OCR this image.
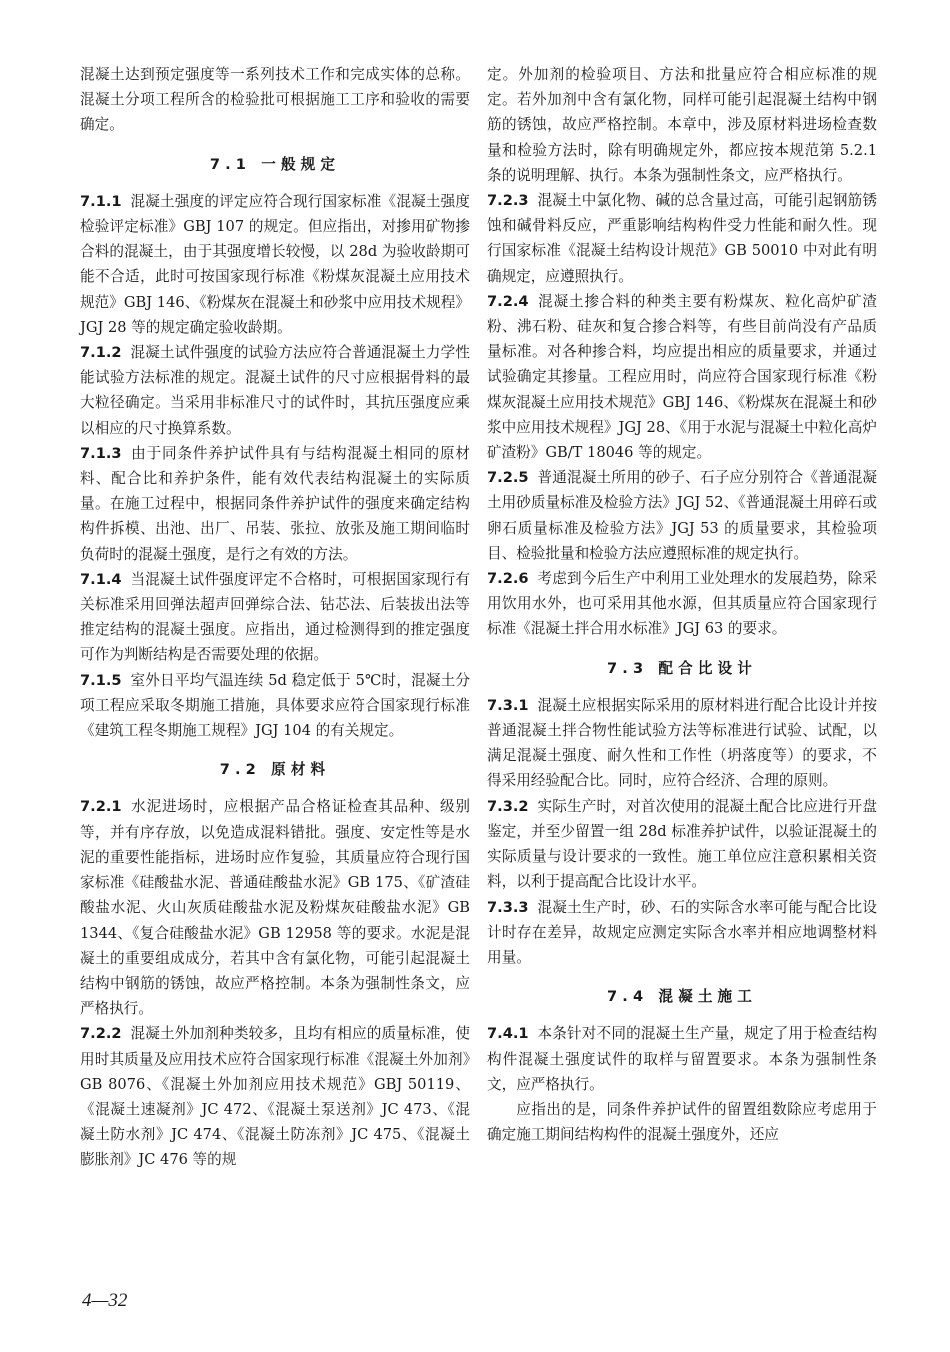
混凝土达到预定强度等一系列技术工作和完成实体的总称。混凝土分项工程所含的检验批可根据施工工序和验收的需要确定。

7.1 一般规定

7.1.1 混凝土强度的评定应符合现行国家标准《混凝土强度检验评定标准》GBJ 107 的规定。但应指出，对掺用矿物掺合料的混凝土，由于其强度增长较慢，以 28d 为验收龄期可能不合适，此时可按国家现行标准《粉煤灰混凝土应用技术规范》GBJ 146、《粉煤灰在混凝土和砂浆中应用技术规程》JGJ 28 等的规定确定验收龄期。

7.1.2 混凝土试件强度的试验方法应符合普通混凝土力学性能试验方法标准的规定。混凝土试件的尺寸应根据骨料的最大粒径确定。当采用非标准尺寸的试件时，其抗压强度应乘以相应的尺寸换算系数。

7.1.3 由于同条件养护试件具有与结构混凝土相同的原材料、配合比和养护条件，能有效代表结构混凝土的实际质量。在施工过程中，根据同条件养护试件的强度来确定结构构件拆模、出池、出厂、吊装、张拉、放张及施工期间临时负荷时的混凝土强度，是行之有效的方法。

7.1.4 当混凝土试件强度评定不合格时，可根据国家现行有关标准采用回弹法超声回弹综合法、钻芯法、后装拔出法等推定结构的混凝土强度。应指出，通过检测得到的推定强度可作为判断结构是否需要处理的依据。

7.1.5 室外日平均气温连续 5d 稳定低于 5℃时，混凝土分项工程应采取冬期施工措施，具体要求应符合国家现行标准《建筑工程冬期施工规程》JGJ 104 的有关规定。

7.2 原材料

7.2.1 水泥进场时，应根据产品合格证检查其品种、级别等，并有序存放，以免造成混料错批。强度、安定性等是水泥的重要性能指标，进场时应作复验，其质量应符合现行国家标准《硅酸盐水泥、普通硅酸盐水泥》GB 175、《矿渣硅酸盐水泥、火山灰质硅酸盐水泥及粉煤灰硅酸盐水泥》GB 1344、《复合硅酸盐水泥》GB 12958 等的要求。水泥是混凝土的重要组成成分，若其中含有氯化物，可能引起混凝土结构中钢筋的锈蚀，故应严格控制。本条为强制性条文，应严格执行。

7.2.2 混凝土外加剂种类较多，且均有相应的质量标准，使用时其质量及应用技术应符合国家现行标准《混凝土外加剂》GB 8076、《混凝土外加剂应用技术规范》GBJ 50119、《混凝土速凝剂》JC 472、《混凝土泵送剂》JC 473、《混凝土防水剂》JC 474、《混凝土防冻剂》JC 475、《混凝土膨胀剂》JC 476 等的规

定。外加剂的检验项目、方法和批量应符合相应标准的规定。若外加剂中含有氯化物，同样可能引起混凝土结构中钢筋的锈蚀，故应严格控制。本章中，涉及原材料进场检查数量和检验方法时，除有明确规定外，都应按本规范第 5.2.1 条的说明理解、执行。本条为强制性条文，应严格执行。

7.2.3 混凝土中氯化物、碱的总含量过高，可能引起钢筋锈蚀和碱骨料反应，严重影响结构构件受力性能和耐久性。现行国家标准《混凝土结构设计规范》GB 50010 中对此有明确规定，应遵照执行。

7.2.4 混凝土掺合料的种类主要有粉煤灰、粒化高炉矿渣粉、沸石粉、硅灰和复合掺合料等，有些目前尚没有产品质量标准。对各种掺合料，均应提出相应的质量要求，并通过试验确定其掺量。工程应用时，尚应符合国家现行标准《粉煤灰混凝土应用技术规范》GBJ 146、《粉煤灰在混凝土和砂浆中应用技术规程》JGJ 28、《用于水泥与混凝土中粒化高炉矿渣粉》GB/T 18046 等的规定。

7.2.5 普通混凝土所用的砂子、石子应分别符合《普通混凝土用砂质量标准及检验方法》JGJ 52、《普通混凝土用碎石或卵石质量标准及检验方法》JGJ 53 的质量要求，其检验项目、检验批量和检验方法应遵照标准的规定执行。

7.2.6 考虑到今后生产中利用工业处理水的发展趋势，除采用饮用水外，也可采用其他水源，但其质量应符合国家现行标准《混凝土拌合用水标准》JGJ 63 的要求。

7.3 配合比设计

7.3.1 混凝土应根据实际采用的原材料进行配合比设计并按普通混凝土拌合物性能试验方法等标准进行试验、试配，以满足混凝土强度、耐久性和工作性（坍落度等）的要求，不得采用经验配合比。同时，应符合经济、合理的原则。

7.3.2 实际生产时，对首次使用的混凝土配合比应进行开盘鉴定，并至少留置一组 28d 标准养护试件，以验证混凝土的实际质量与设计要求的一致性。施工单位应注意积累相关资料，以利于提高配合比设计水平。

7.3.3 混凝土生产时，砂、石的实际含水率可能与配合比设计时存在差异，故规定应测定实际含水率并相应地调整材料用量。

7.4 混凝土施工

7.4.1 本条针对不同的混凝土生产量，规定了用于检查结构构件混凝土强度试件的取样与留置要求。本条为强制性条文，应严格执行。

应指出的是，同条件养护试件的留置组数除应考虑用于确定施工期间结构构件的混凝土强度外，还应

4—32
